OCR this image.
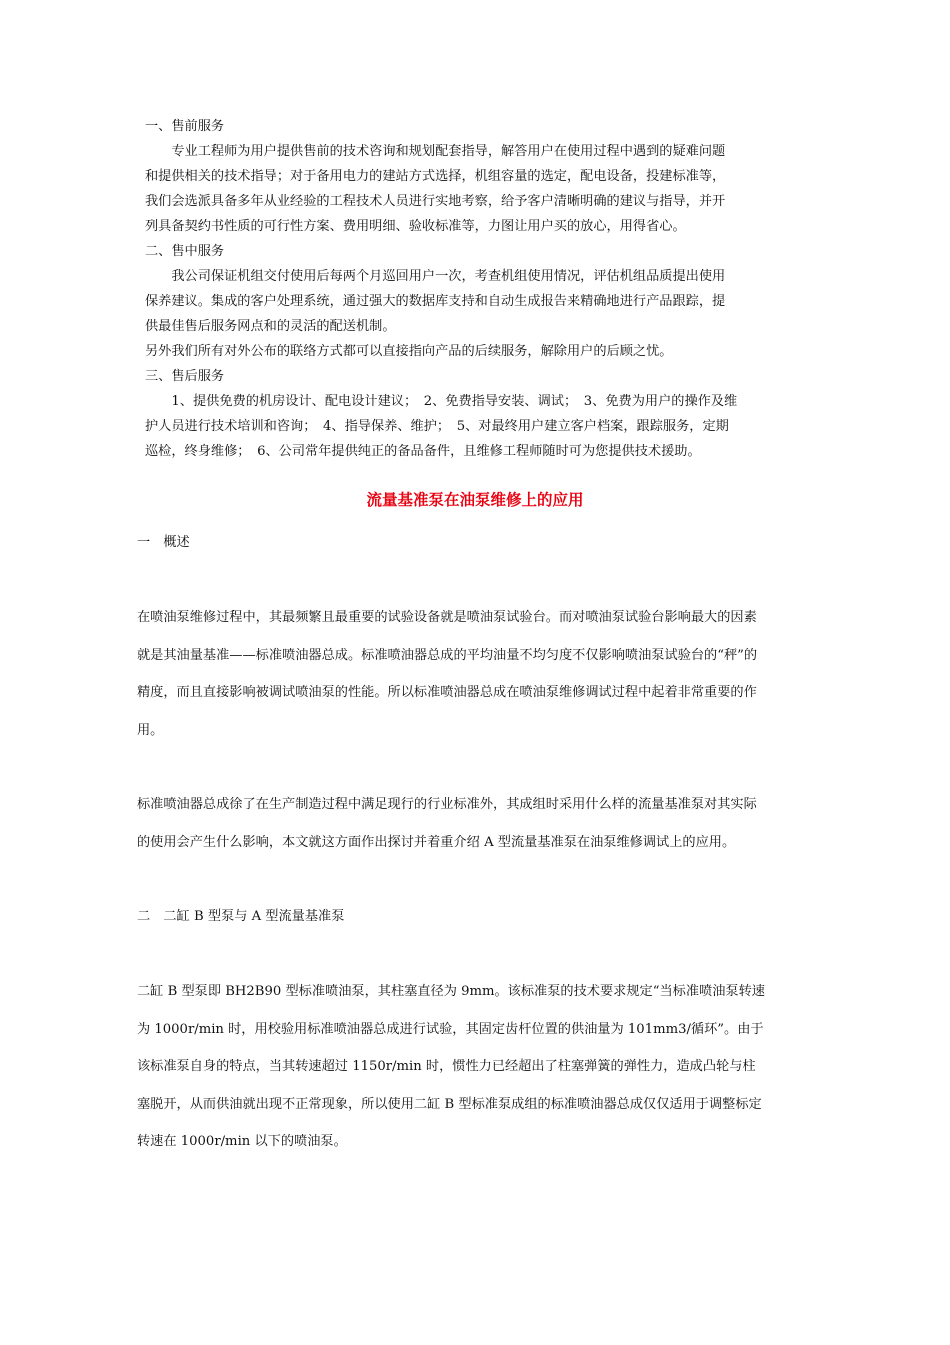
一、售前服务
　　专业工程师为用户提供售前的技术咨询和规划配套指导，解答用户在使用过程中遇到的疑难问题
和提供相关的技术指导；对于备用电力的建站方式选择，机组容量的选定，配电设备，投建标准等，
我们会选派具备多年从业经验的工程技术人员进行实地考察，给予客户清晰明确的建议与指导，并开
列具备契约书性质的可行性方案、费用明细、验收标准等，力图让用户买的放心，用得省心。
二、售中服务
　　我公司保证机组交付使用后每两个月巡回用户一次，考查机组使用情况，评估机组品质提出使用
保养建议。集成的客户处理系统，通过强大的数据库支持和自动生成报告来精确地进行产品跟踪，提
供最佳售后服务网点和的灵活的配送机制。
另外我们所有对外公布的联络方式都可以直接指向产品的后续服务，解除用户的后顾之忧。
三、售后服务
　　1、提供免费的机房设计、配电设计建议；　2、免费指导安装、调试；　3、免费为用户的操作及维
护人员进行技术培训和咨询；　4、指导保养、维护；　5、对最终用户建立客户档案，跟踪服务，定期
巡检，终身维修；　6、公司常年提供纯正的备品备件，且维修工程师随时可为您提供技术援助。
流量基准泵在油泵维修上的应用

一　概述

在喷油泵维修过程中，其最频繁且最重要的试验设备就是喷油泵试验台。而对喷油泵试验台影响最大的因素
就是其油量基准——标准喷油器总成。标准喷油器总成的平均油量不均匀度不仅影响喷油泵试验台的“秤”的
精度，而且直接影响被调试喷油泵的性能。所以标准喷油器总成在喷油泵维修调试过程中起着非常重要的作
用。
标准喷油器总成徐了在生产制造过程中满足现行的行业标准外，其成组时采用什么样的流量基准泵对其实际
的使用会产生什么影响，本文就这方面作出探讨并着重介绍 A 型流量基准泵在油泵维修调试上的应用。

二　二缸 B 型泵与 A 型流量基准泵

二缸 B 型泵即 BH2B90 型标准喷油泵，其柱塞直径为 9mm。该标准泵的技术要求规定“当标准喷油泵转速
为 1000r/min 时，用校验用标准喷油器总成进行试验，其固定齿杆位置的供油量为 101mm3/循环”。由于
该标准泵自身的特点，当其转速超过 1150r/min 时，惯性力已经超出了柱塞弹簧的弹性力，造成凸轮与柱
塞脱开，从而供油就出现不正常现象，所以使用二缸 B 型标准泵成组的标准喷油器总成仅仅适用于调整标定
转速在 1000r/min 以下的喷油泵。
